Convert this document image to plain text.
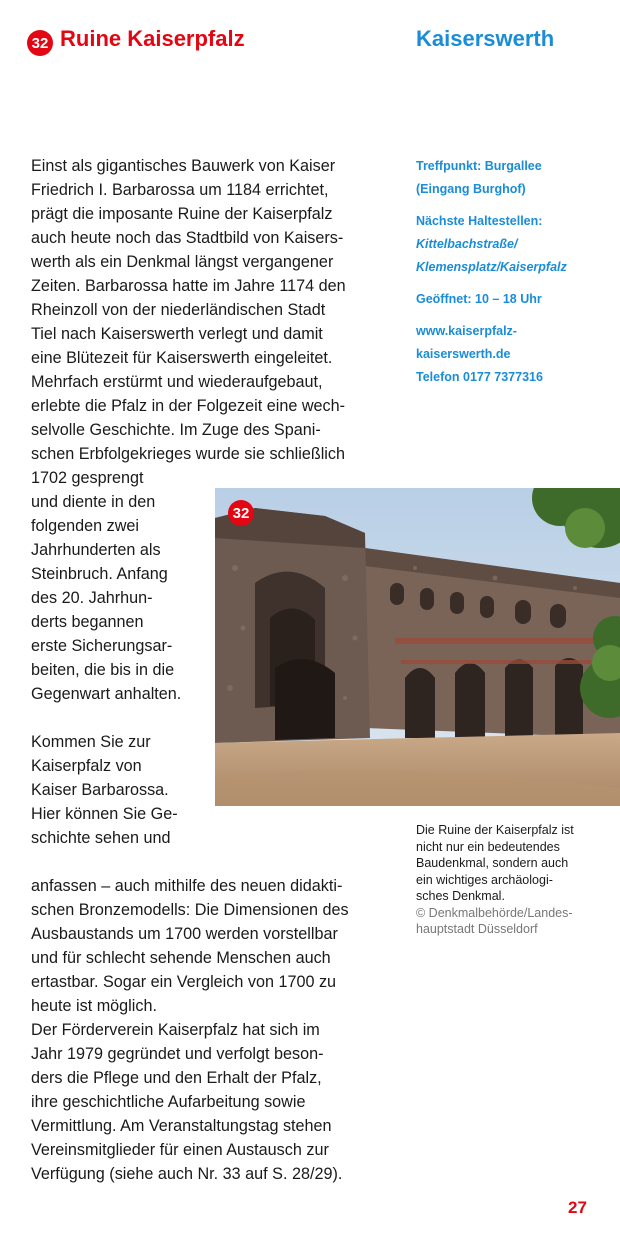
32 Ruine Kaiserpfalz	Kaiserswerth
Einst als gigantisches Bauwerk von Kaiser
Friedrich I. Barbarossa um 1184 errichtet,
prägt die imposante Ruine der Kaiserpfalz
auch heute noch das Stadtbild von Kaisers-
werth als ein Denkmal längst vergangener
Zeiten. Barbarossa hatte im Jahre 1174 den
Rheinzoll von der niederländischen Stadt
Tiel nach Kaiserswerth verlegt und damit
eine Blütezeit für Kaiserswerth eingeleitet.
Mehrfach erstürmt und wiederaufgebaut,
erlebte die Pfalz in der Folgezeit eine wech-
selvolle Geschichte. Im Zuge des Spani-
schen Erbfolgekrieges wurde sie schließlich
1702 gesprengt
und diente in den
folgenden zwei
Jahrhunderten als
Steinbruch. Anfang
des 20. Jahrhun-
derts begannen
erste Sicherungsar-
beiten, die bis in die
Gegenwart anhalten.
Kommen Sie zur
Kaiserpfalz von
Kaiser Barbarossa.
Hier können Sie Ge-
schichte sehen und
anfassen – auch mithilfe des neuen didakti-
schen Bronzemodells: Die Dimensionen des
Ausbaustands um 1700 werden vorstellbar
und für schlecht sehende Menschen auch
ertastbar. Sogar ein Vergleich von 1700 zu
heute ist möglich.
Der Förderverein Kaiserpfalz hat sich im
Jahr 1979 gegründet und verfolgt beson-
ders die Pflege und den Erhalt der Pfalz,
ihre geschichtliche Aufarbeitung sowie
Vermittlung. Am Veranstaltungstag stehen
Vereinsmitglieder für einen Austausch zur
Verfügung (siehe auch Nr. 33 auf S. 28/29).

Treffpunkt: Burgallee

(Eingang Burghof)

Nächste Haltestellen:

Kittelbachstraße/

Klemensplatz/Kaiserpfalz

Geöffnet: 10 – 18 Uhr

www.kaiserpfalz-

kaiserswerth.de

Telefon 0177 7377316

32
Die Ruine der Kaiserpfalz ist
nicht nur ein bedeutendes
Baudenkmal, sondern auch
ein wichtiges archäologi-
sches Denkmal.
© Denkmalbehörde/Landes-
hauptstadt Düsseldorf
27
